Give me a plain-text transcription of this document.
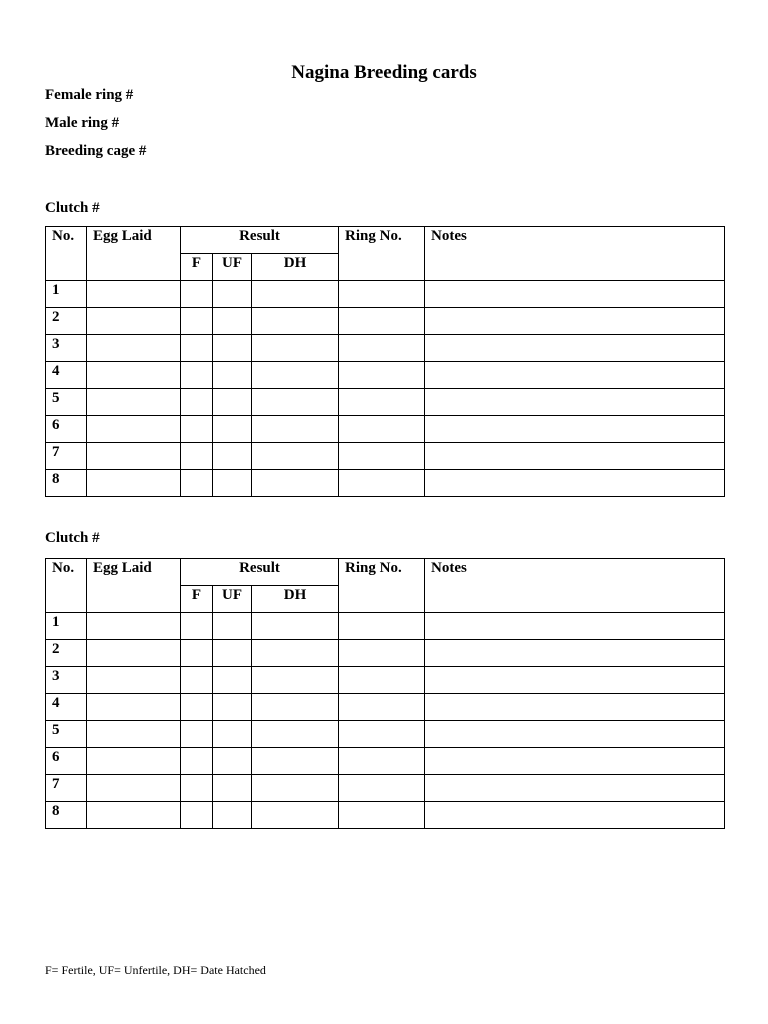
Nagina Breeding cards
Female ring #
Male ring #
Breeding cage #
Clutch #
No.	Egg Laid	Result			Ring No.	Notes
		F	UF	DH		
1						
2						
3						
4						
5						
6						
7						
8						
Clutch #
No.	Egg Laid	Result			Ring No.	Notes
		F	UF	DH		
1						
2						
3						
4						
5						
6						
7						
8						
F= Fertile, UF= Unfertile, DH= Date Hatched
